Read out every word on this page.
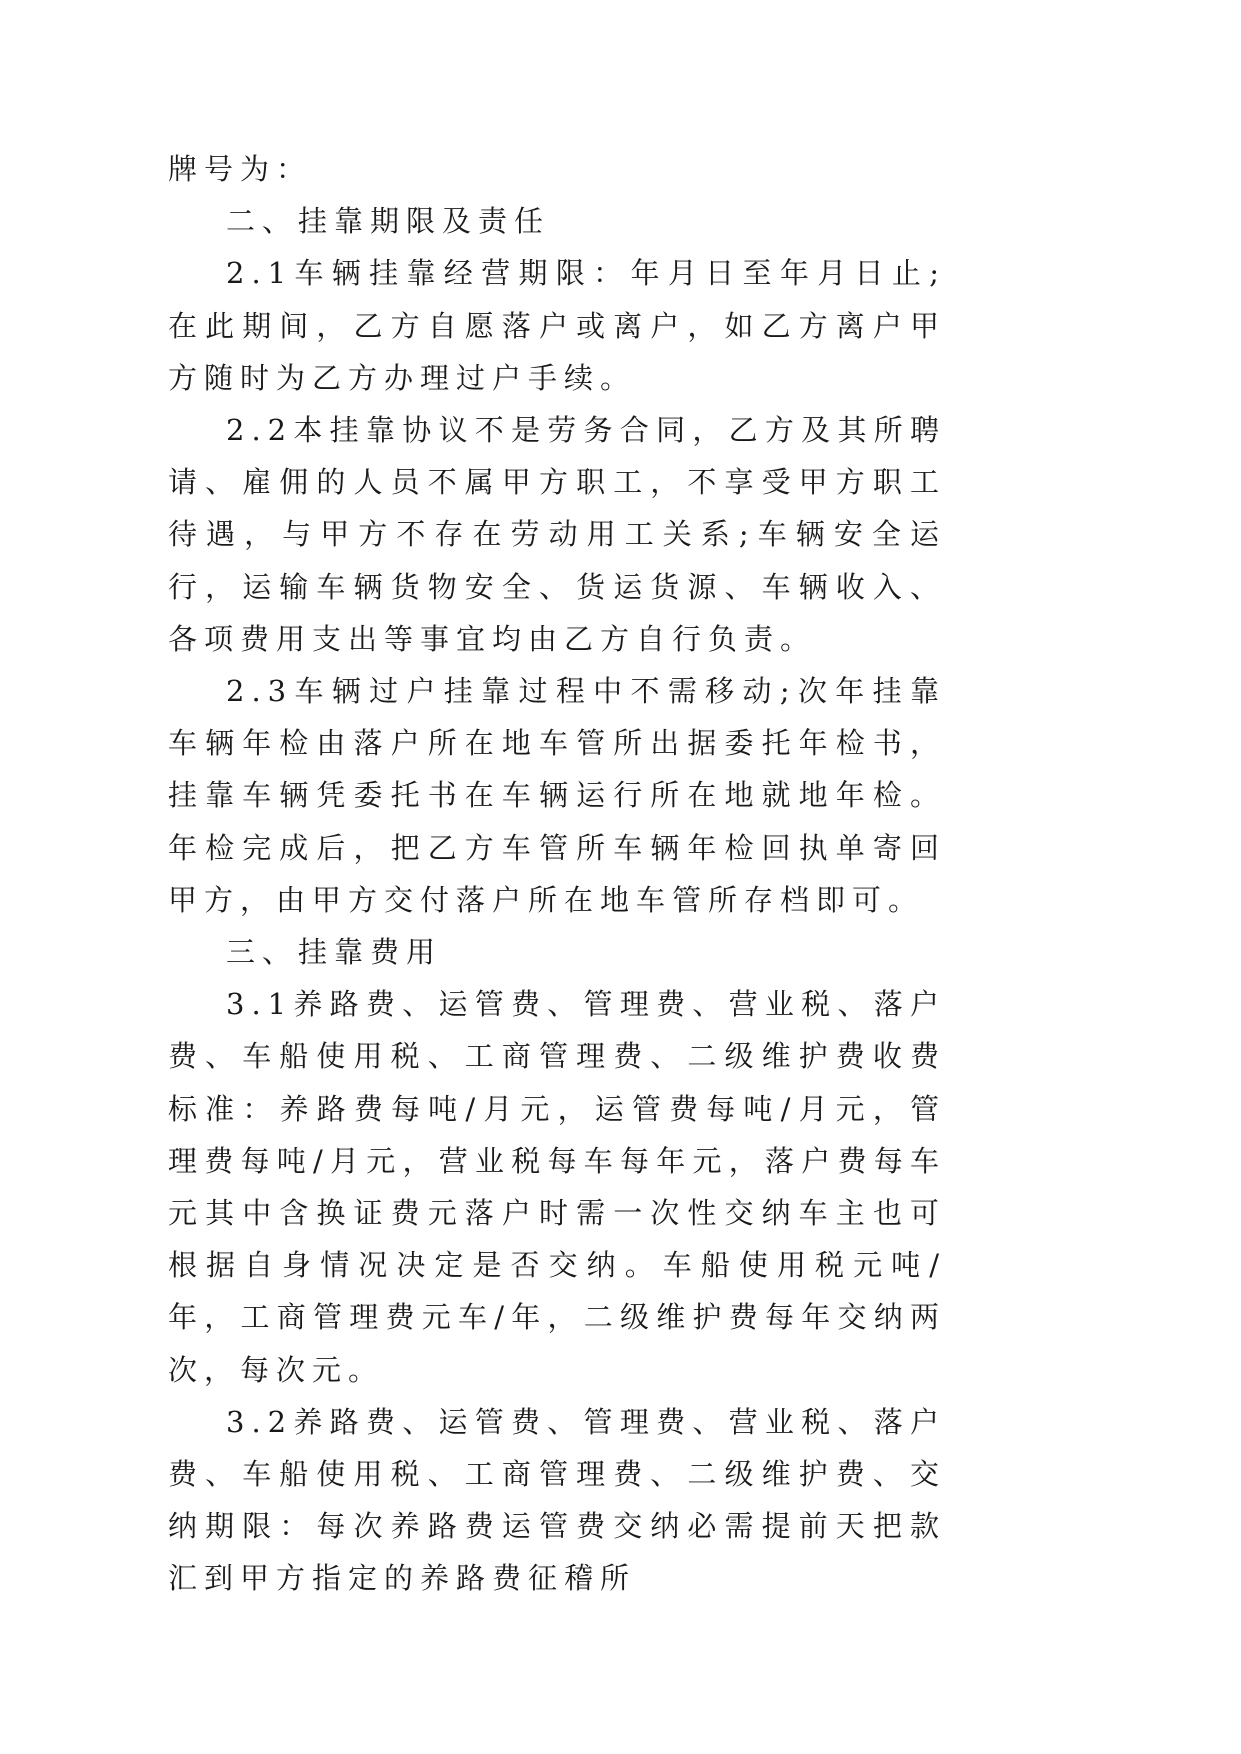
牌号为：

二、挂靠期限及责任

2.1车辆挂靠经营期限：年月日至年月日止;在此期间，乙方自愿落户或离户，如乙方离户甲方随时为乙方办理过户手续。

2.2本挂靠协议不是劳务合同，乙方及其所聘请、雇佣的人员不属甲方职工，不享受甲方职工待遇，与甲方不存在劳动用工关系;车辆安全运行，运输车辆货物安全、货运货源、车辆收入、各项费用支出等事宜均由乙方自行负责。

2.3车辆过户挂靠过程中不需移动;次年挂靠车辆年检由落户所在地车管所出据委托年检书，挂靠车辆凭委托书在车辆运行所在地就地年检。年检完成后，把乙方车管所车辆年检回执单寄回甲方，由甲方交付落户所在地车管所存档即可。

三、挂靠费用

3.1养路费、运管费、管理费、营业税、落户费、车船使用税、工商管理费、二级维护费收费标准：养路费每吨/月元，运管费每吨/月元，管理费每吨/月元，营业税每车每年元，落户费每车元其中含换证费元落户时需一次性交纳车主也可根据自身情况决定是否交纳。车船使用税元吨/年，工商管理费元车/年，二级维护费每年交纳两次，每次元。

3.2养路费、运管费、管理费、营业税、落户费、车船使用税、工商管理费、二级维护费、交纳期限：每次养路费运管费交纳必需提前天把款汇到甲方指定的养路费征稽所
